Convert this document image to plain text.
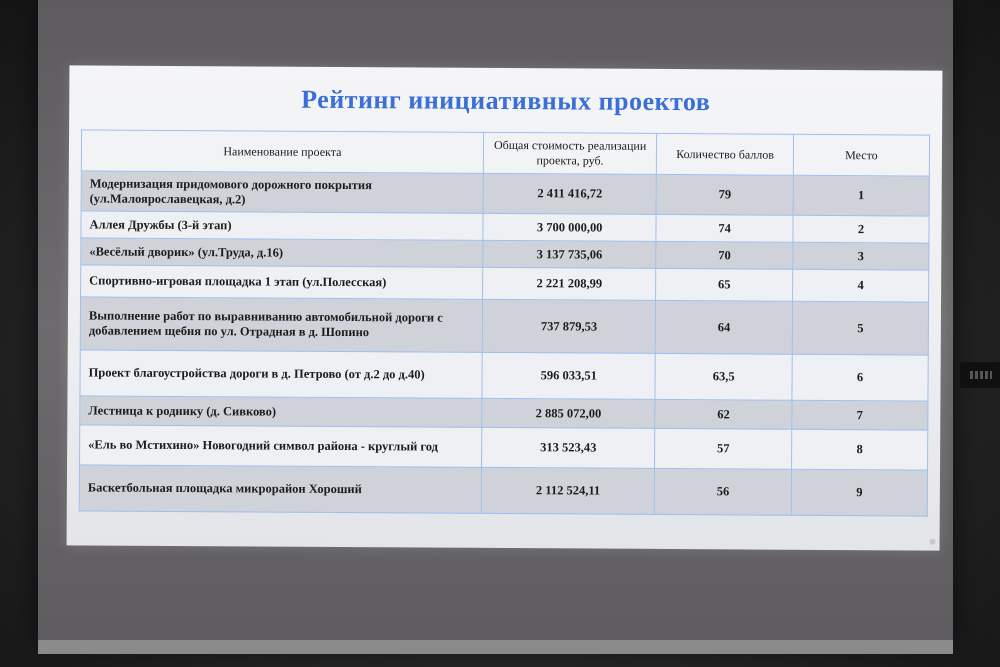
Рейтинг инициативных проектов
Наименование проекта	Общая стоимость реализации проекта, руб.	Количество баллов	Место
Модернизация придомового дорожного покрытия (ул.Малоярославецкая, д.2)	2 411 416,72	79	1
Аллея Дружбы (3-й этап)	3 700 000,00	74	2
«Весёлый дворик» (ул.Труда, д.16)	3 137 735,06	70	3
Спортивно-игровая площадка 1 этап (ул.Полесская)	2 221 208,99	65	4
Выполнение работ по выравниванию автомобильной дороги с добавлением щебня по ул. Отрадная в д. Шопино	737 879,53	64	5
Проект благоустройства дороги в д. Петрово (от д.2 до д.40)	596 033,51	63,5	6
Лестница к роднику (д. Сивково)	2 885 072,00	62	7
«Ель во Мстихино» Новогодний символ района - круглый год	313 523,43	57	8
Баскетбольная площадка микрорайон Хороший	2 112 524,11	56	9
